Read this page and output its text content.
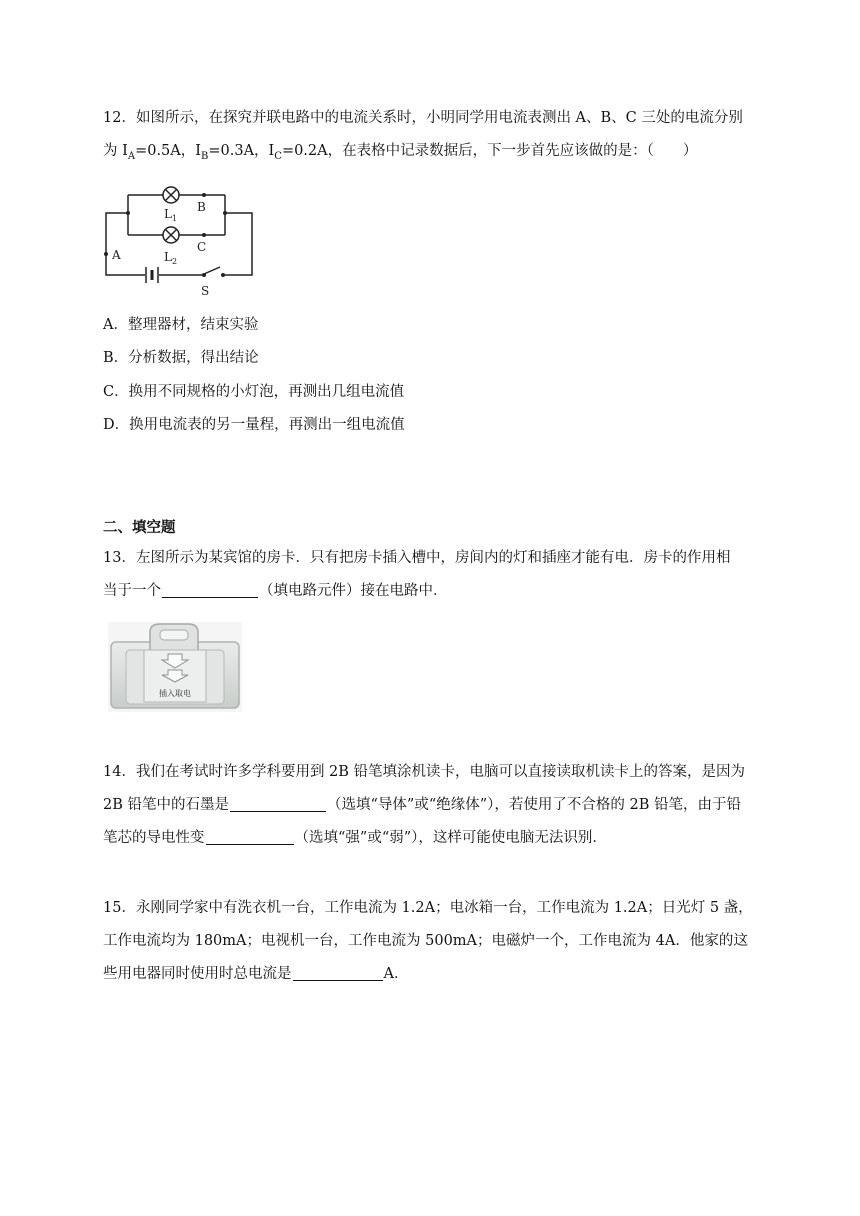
12．如图所示，在探究并联电路中的电流关系时，小明同学用电流表测出 A、B、C 三处的电流分别
为 $I_A=0.5A$，$I_B=0.3A$，$I_C=0.2A$，在表格中记录数据后，下一步首先应该做的是：（　　）
B
C
A
S
$L_1$
$L_2$
A．整理器材，结束实验
B．分析数据，得出结论
C．换用不同规格的小灯泡，再测出几组电流值
D．换用电流表的另一量程，再测出一组电流值
二、填空题
13．左图所示为某宾馆的房卡．只有把房卡插入槽中，房间内的灯和插座才能有电．房卡的作用相
当于一个	（填电路元件）接在电路中．
插入取电
14．我们在考试时许多学科要用到 2B 铅笔填涂机读卡，电脑可以直接读取机读卡上的答案，是因为
2B 铅笔中的石墨是	（选填“导体”或“绝缘体”），若使用了不合格的 2B 铅笔，由于铅
笔芯的导电性变	（选填“强”或“弱”），这样可能使电脑无法识别．
15．永刚同学家中有洗衣机一台，工作电流为 1.2A；电冰箱一台，工作电流为 1.2A；日光灯 5 盏，
工作电流均为 180mA；电视机一台，工作电流为 500mA；电磁炉一个，工作电流为 4A．他家的这
些用电器同时使用时总电流是	A．
